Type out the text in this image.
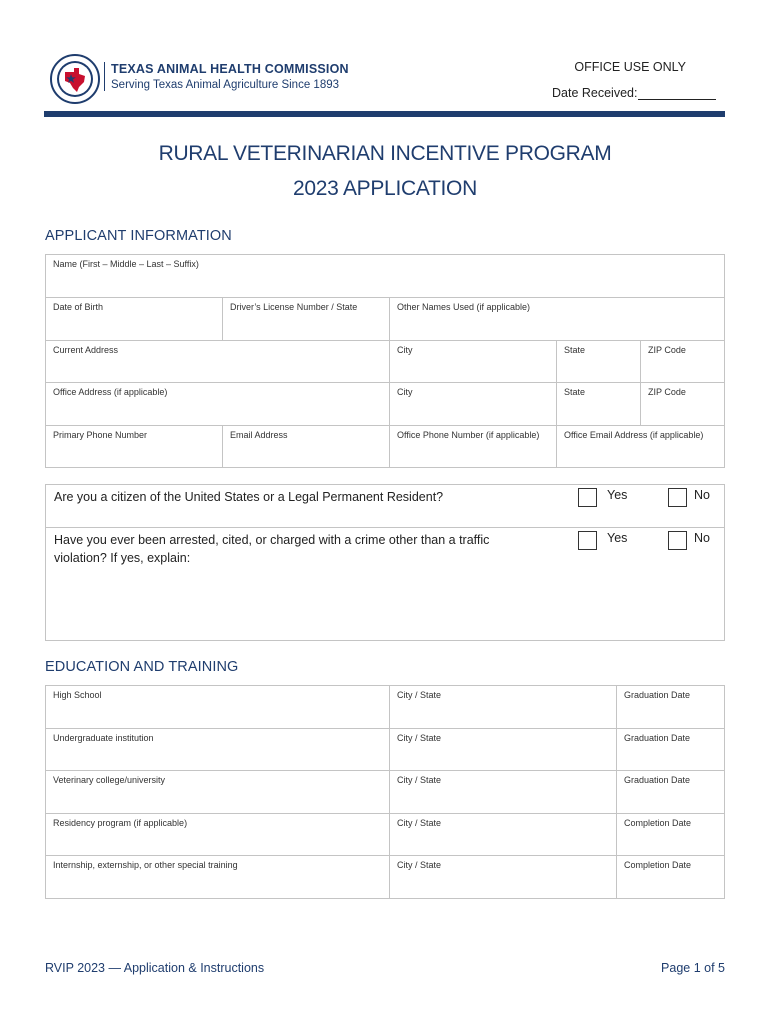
TEXAS ANIMAL HEALTH COMMISSION
Serving Texas Animal Agriculture Since 1893
OFFICE USE ONLY
Date Received:
RURAL VETERINARIAN INCENTIVE PROGRAM
2023 APPLICATION
APPLICANT INFORMATION
Name (First – Middle – Last – Suffix)
Date of Birth	Driver’s License Number / State	Other Names Used (if applicable)
Current Address	City	State	ZIP Code
Office Address (if applicable)	City	State	ZIP Code
Primary Phone Number	Email Address	Office Phone Number (if applicable)	Office Email Address (if applicable)
Are you a citizen of the United States or a Legal Permanent Resident?	Yes	No
Have you ever been arrested, cited, or charged with a crime other than a traffic violation? If yes, explain:
Yes	No
EDUCATION AND TRAINING
High School	City / State	Graduation Date
Undergraduate institution	City / State	Graduation Date
Veterinary college/university	City / State	Graduation Date
Residency program (if applicable)	City / State	Completion Date
Internship, externship, or other special training	City / State	Completion Date
RVIP 2023 — Application & Instructions	Page 1 of 5
